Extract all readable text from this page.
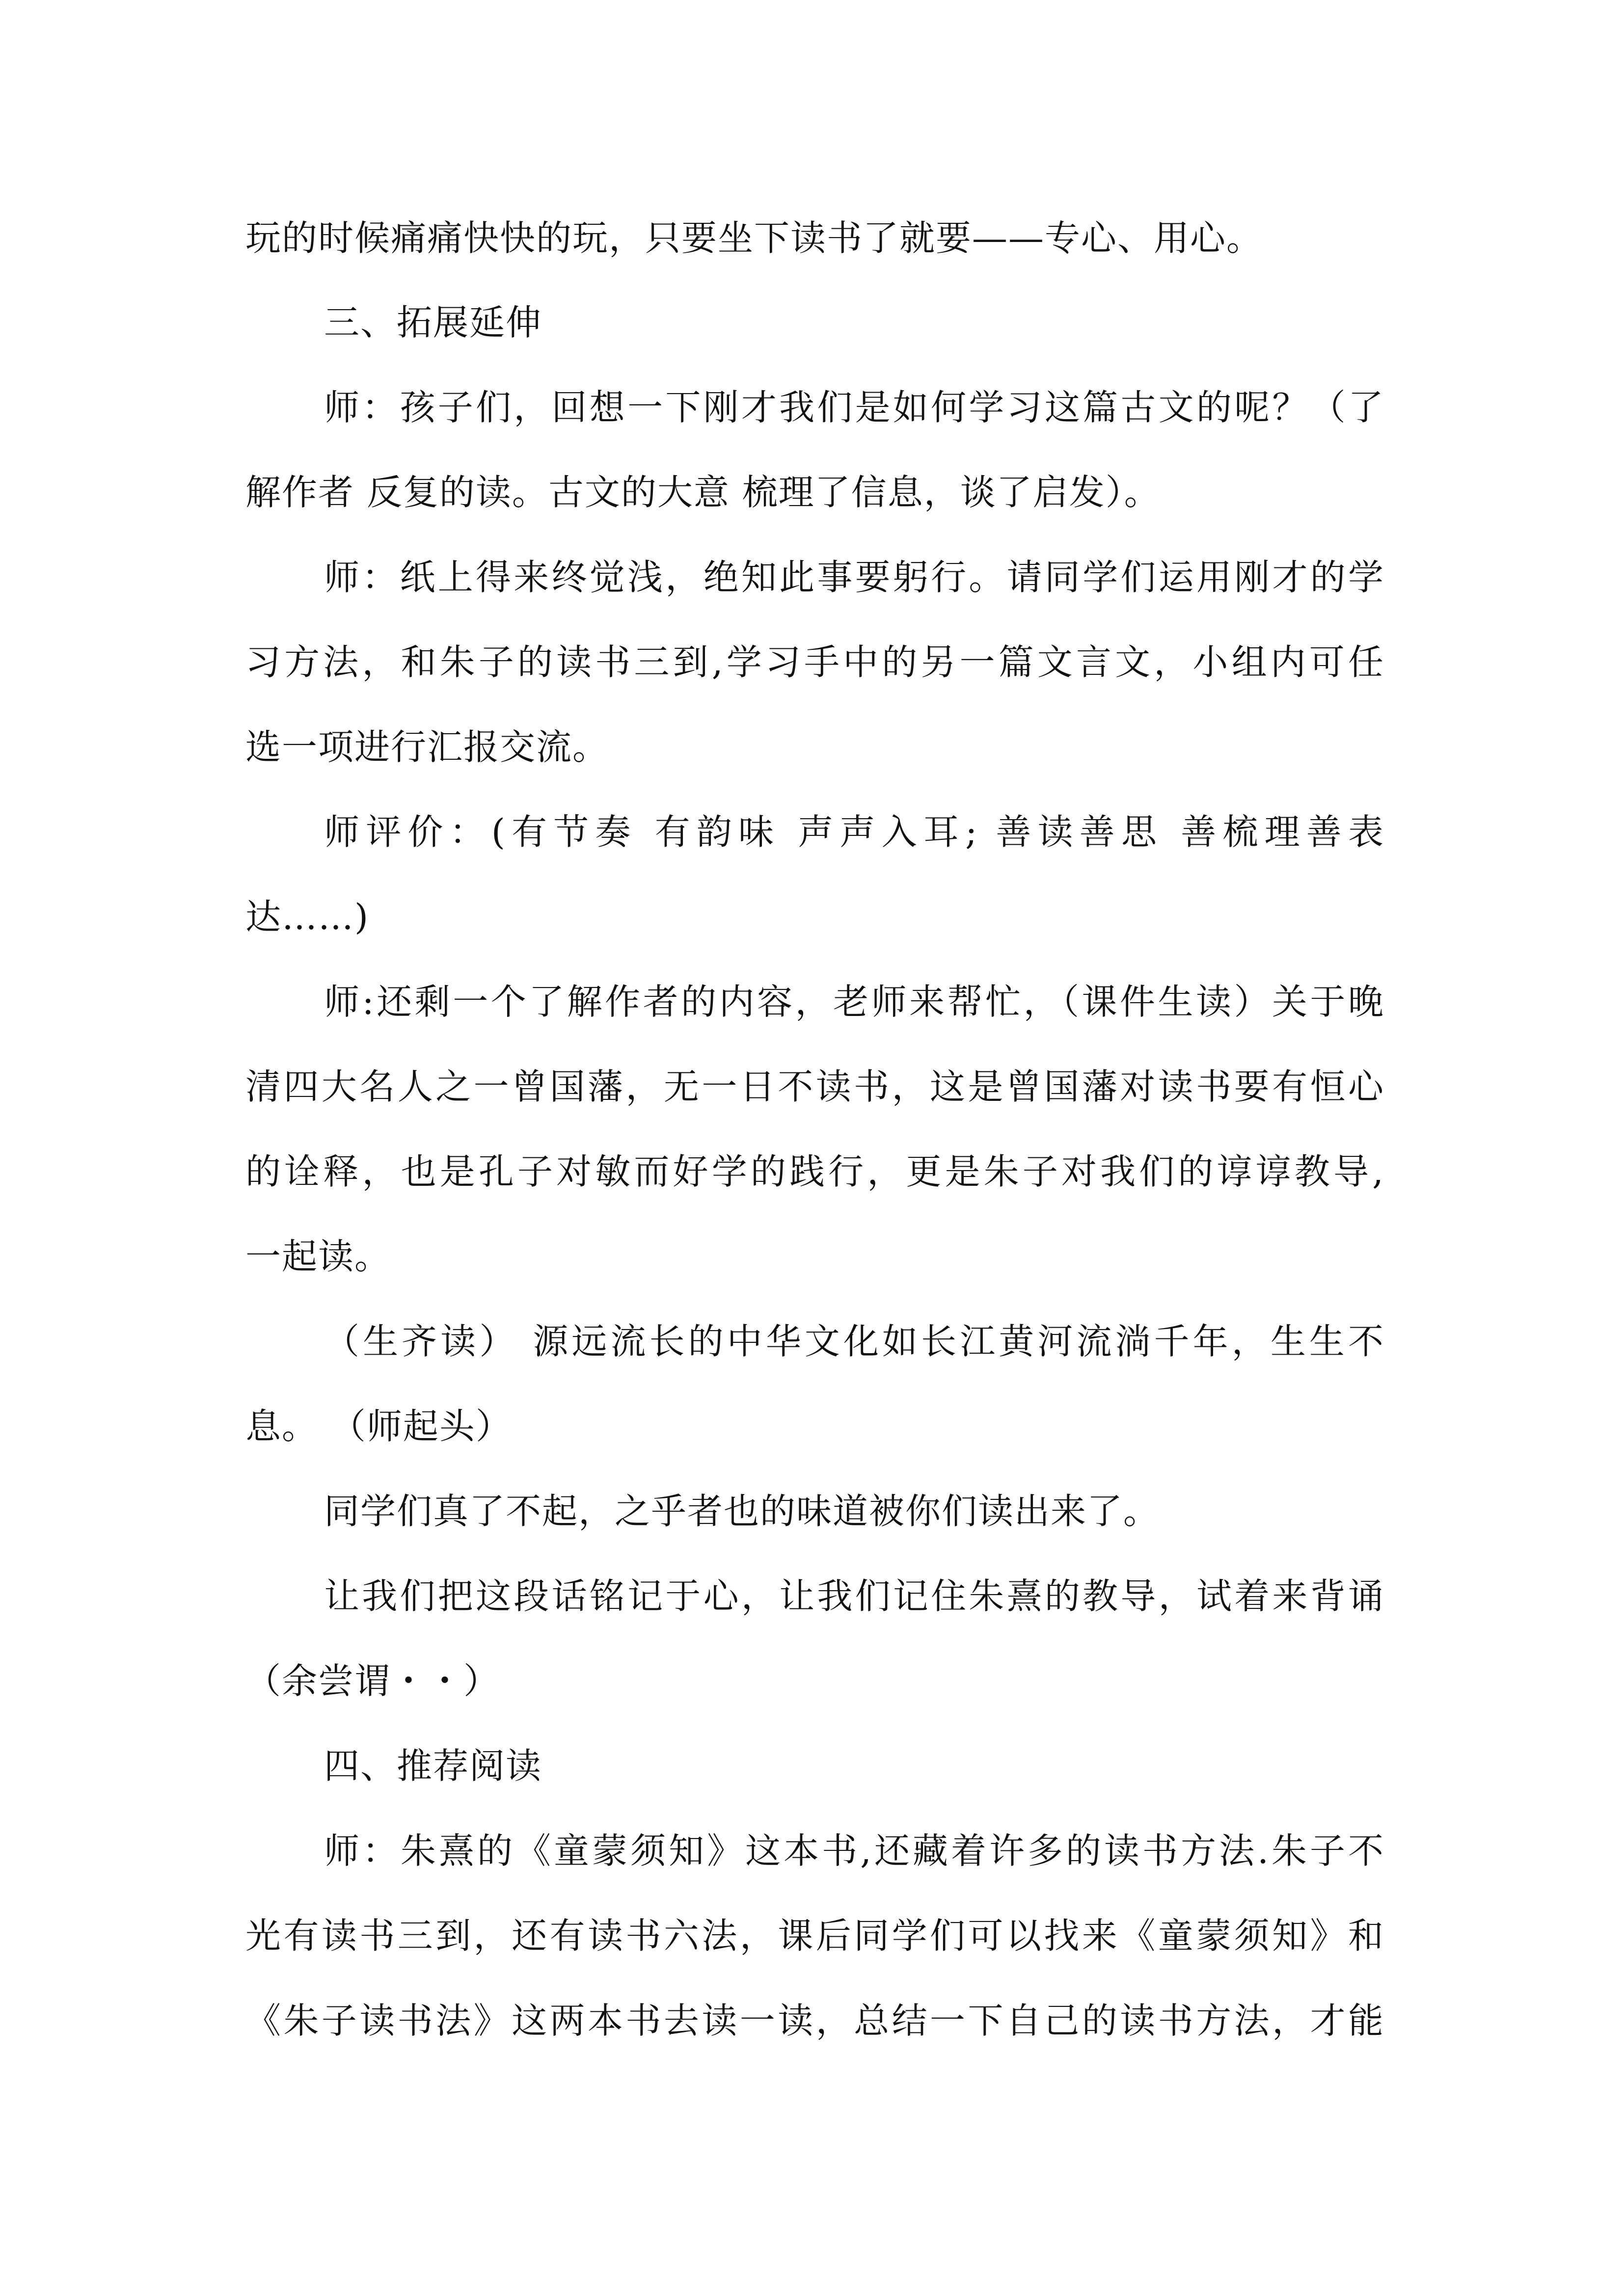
玩的时候痛痛快快的玩，只要坐下读书了就要——专心、用心。
三、拓展延伸
师：孩子们，回想一下刚才我们是如何学习这篇古文的呢？（了
解作者 反复的读。古文的大意 梳理了信息，谈了启发）。
师：纸上得来终觉浅，绝知此事要躬行。请同学们运用刚才的学
习方法，和朱子的读书三到,学习手中的另一篇文言文，小组内可任
选一项进行汇报交流。
师评价：(有节奏 有韵味 声声入耳; 善读善思 善梳理善表
达……)
师:还剩一个了解作者的内容，老师来帮忙，（课件生读）关于晚
清四大名人之一曾国藩，无一日不读书，这是曾国藩对读书要有恒心
的诠释，也是孔子对敏而好学的践行，更是朱子对我们的谆谆教导,
一起读。
（生齐读） 源远流长的中华文化如长江黄河流淌千年，生生不
息。 （师起头）
同学们真了不起，之乎者也的味道被你们读出来了。
让我们把这段话铭记于心，让我们记住朱熹的教导，试着来背诵
（余尝谓・・）
四、推荐阅读
师：朱熹的《童蒙须知》这本书,还藏着许多的读书方法.朱子不
光有读书三到，还有读书六法，课后同学们可以找来《童蒙须知》和
《朱子读书法》这两本书去读一读，总结一下自己的读书方法，才能
